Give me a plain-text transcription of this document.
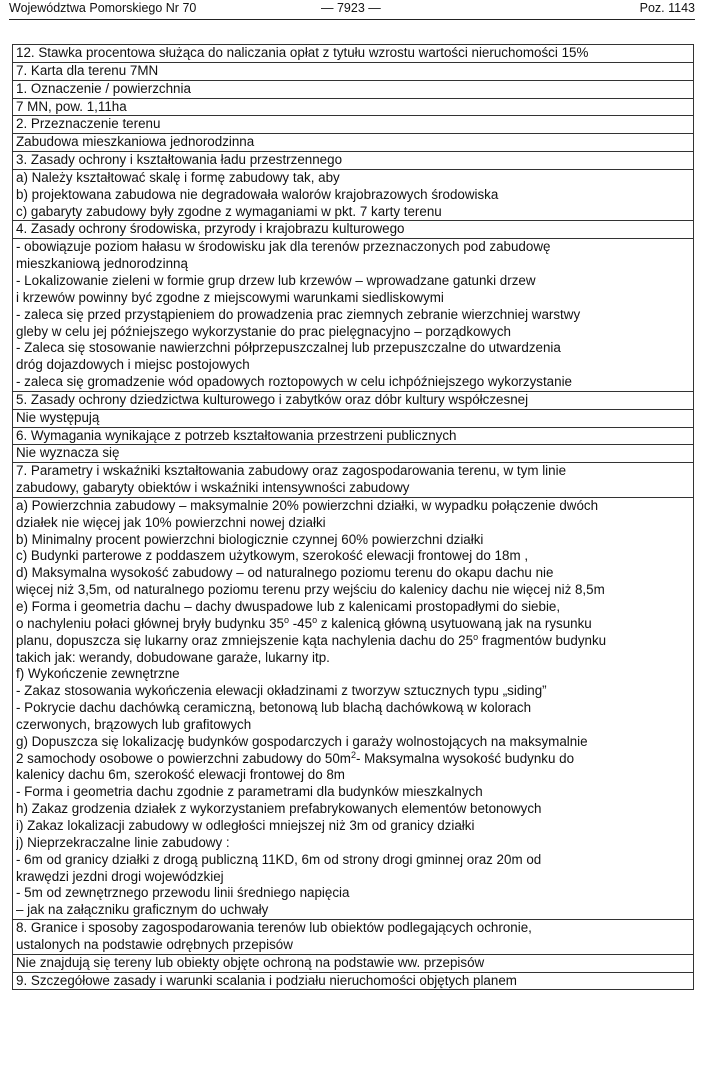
Województwa Pomorskiego Nr 70	— 7923 —	Poz. 1143
12. Stawka procentowa służąca do naliczania opłat z tytułu wzrostu wartości nieruchomości 15%
7. Karta dla terenu 7MN
1. Oznaczenie / powierzchnia
7 MN, pow. 1,11ha
2. Przeznaczenie terenu
Zabudowa mieszkaniowa jednorodzinna
3. Zasady ochrony i kształtowania ładu przestrzennego
a) Należy kształtować skalę i formę zabudowy tak, aby
b) projektowana zabudowa nie degradowała walorów krajobrazowych środowiska
c) gabaryty zabudowy były zgodne z wymaganiami w pkt. 7 karty terenu
4. Zasady ochrony środowiska, przyrody i krajobrazu kulturowego
- obowiązuje poziom hałasu w środowisku jak dla terenów przeznaczonych pod zabudowę
mieszkaniową jednorodzinną
- Lokalizowanie zieleni w formie grup drzew lub krzewów – wprowadzane gatunki drzew
i krzewów powinny być zgodne z miejscowymi warunkami siedliskowymi
- zaleca się przed przystąpieniem do prowadzenia prac ziemnych zebranie wierzchniej warstwy
gleby w celu jej późniejszego wykorzystanie do prac pielęgnacyjno – porządkowych
- Zaleca się stosowanie nawierzchni półprzepuszczalnej lub przepuszczalne do utwardzenia
dróg dojazdowych i miejsc postojowych
- zaleca się gromadzenie wód opadowych roztopowych w celu ichpóźniejszego wykorzystanie
5. Zasady ochrony dziedzictwa kulturowego i zabytków oraz dóbr kultury współczesnej
Nie występują
6. Wymagania wynikające z potrzeb kształtowania przestrzeni publicznych
Nie wyznacza się
7. Parametry i wskaźniki kształtowania zabudowy oraz zagospodarowania terenu, w tym linie
zabudowy, gabaryty obiektów i wskaźniki intensywności zabudowy
a) Powierzchnia zabudowy – maksymalnie 20% powierzchni działki, w wypadku połączenie dwóch
działek nie więcej jak 10% powierzchni nowej działki
b) Minimalny procent powierzchni biologicznie czynnej 60% powierzchni działki
c) Budynki parterowe z poddaszem użytkowym, szerokość elewacji frontowej do 18m ,
d) Maksymalna wysokość zabudowy – od naturalnego poziomu terenu do okapu dachu nie
więcej niż 3,5m, od naturalnego poziomu terenu przy wejściu do kalenicy dachu nie więcej niż 8,5m
e) Forma i geometria dachu – dachy dwuspadowe lub z kalenicami prostopadłymi do siebie,
o nachyleniu połaci głównej bryły budynku 35$^o$ -45$^o$ z kalenicą główną usytuowaną jak na rysunku
planu, dopuszcza się lukarny oraz zmniejszenie kąta nachylenia dachu do 25$^o$ fragmentów budynku
takich jak: werandy, dobudowane garaże, lukarny itp.
f) Wykończenie zewnętrzne
- Zakaz stosowania wykończenia elewacji okładzinami z tworzyw sztucznych typu „siding”
- Pokrycie dachu dachówką ceramiczną, betonową lub blachą dachówkową w kolorach
czerwonych, brązowych lub grafitowych
g) Dopuszcza się lokalizację budynków gospodarczych i garaży wolnostojących na maksymalnie
2 samochody osobowe o powierzchni zabudowy do $50m^2-$ Maksymalna wysokość budynku do
kalenicy dachu 6m, szerokość elewacji frontowej do 8m
- Forma i geometria dachu zgodnie z parametrami dla budynków mieszkalnych
h) Zakaz grodzenia działek z wykorzystaniem prefabrykowanych elementów betonowych
i) Zakaz lokalizacji zabudowy w odległości mniejszej niż 3m od granicy działki
j) Nieprzekraczalne linie zabudowy :
- 6m od granicy działki z drogą publiczną 11KD, 6m od strony drogi gminnej oraz 20m od
krawędzi jezdni drogi wojewódzkiej
- 5m od zewnętrznego przewodu linii średniego napięcia
– jak na załączniku graficznym do uchwały
8. Granice i sposoby zagospodarowania terenów lub obiektów podlegających ochronie,
ustalonych na podstawie odrębnych przepisów
Nie znajdują się tereny lub obiekty objęte ochroną na podstawie ww. przepisów
9. Szczegółowe zasady i warunki scalania i podziału nieruchomości objętych planem
